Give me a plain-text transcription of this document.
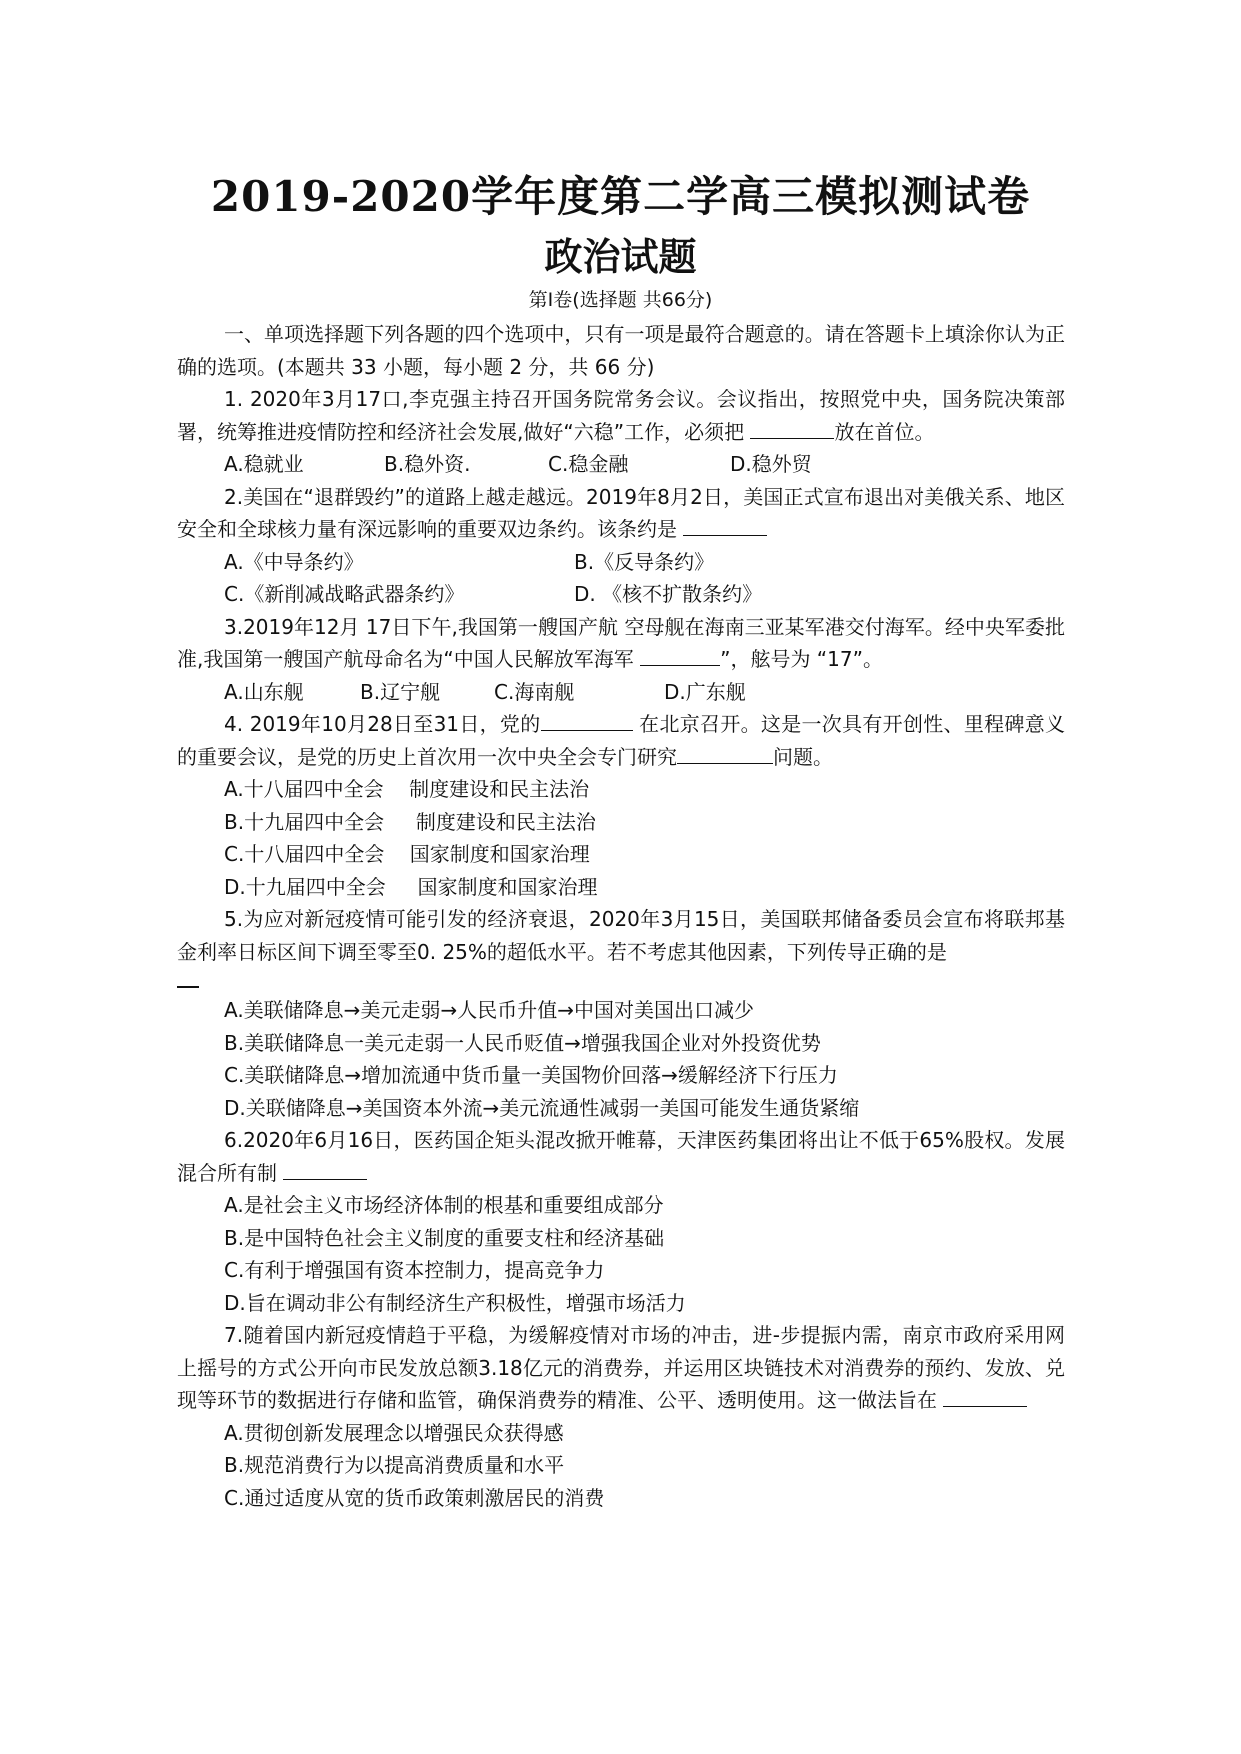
2019-2020学年度第二学高三模拟测试卷
政治试题
第Ⅰ卷(选择题 共66分)

一、单项选择题下列各题的四个选项中，只有一项是最符合题意的。请在答题卡上填涂你认为正确的选项。(本题共 33 小题，每小题 2 分，共 66 分)

1. 2020年3月17口,李克强主持召开国务院常务会议。会议指出，按照党中央，国务院决策部署，统筹推进疫情防控和经济社会发展,做好“六稳”工作，必须把	放在首位。

A.稳就业	B.稳外资.	C.稳金融	D.稳外贸

2.美国在“退群毁约”的道路上越走越远。2019年8月2日，美国正式宣布退出对美俄关系、地区安全和全球核力量有深远影响的重要双边条约。该条约是

A.《中导条约》	B.《反导条约》
C.《新削减战略武器条约》	D. 《核不扩散条约》

3.2019年12月 17日下午,我国第一艘国产航 空母舰在海南三亚某军港交付海军。经中央军委批准,我国第一艘国产航母命名为“中国人民解放军海军	”，舷号为 “17”。

A.山东舰	B.辽宁舰	C.海南舰	D.广东舰

4. 2019年10月28日至31日，党的	在北京召开。这是一次具有开创性、里程碑意义的重要会议，是党的历史上首次用一次中央全会专门研究	问题。

A.十八届四中全会    制度建设和民主法治

B.十九届四中全会     制度建设和民主法治

C.十八届四中全会    国家制度和国家治理

D.十九届四中全会     国家制度和国家治理

5.为应对新冠疫情可能引发的经济衰退，2020年3月15日，美国联邦储备委员会宣布将联邦基金利率日标区间下调至零至0. 25%的超低水平。若不考虑其他因素，下列传导正确的是

A.美联储降息→美元走弱→人民币升值→中国对美国出口减少

B.美联储降息一美元走弱一人民币贬值→增强我国企业对外投资优势

C.美联储降息→增加流通中货币量一美国物价回落→缓解经济下行压力

D.关联储降息→美国资本外流→美元流通性减弱一美国可能发生通货紧缩

6.2020年6月16日，医药国企矩头混改掀开帷幕，天津医药集团将出让不低于65%股权。发展混合所有制

A.是社会主义市场经济体制的根基和重要组成部分

B.是中国特色社会主义制度的重要支柱和经济基础

C.有利于增强国有资本控制力，提高竞争力

D.旨在调动非公有制经济生产积极性，增强市场活力

7.随着国内新冠疫情趋于平稳，为缓解疫情对市场的冲击，进-步提振内需，南京市政府采用网上摇号的方式公开向市民发放总额3.18亿元的消费券，并运用区块链技术对消费券的预约、发放、兑现等环节的数据进行存储和监管，确保消费券的精准、公平、透明使用。这一做法旨在

A.贯彻创新发展理念以增强民众获得感

B.规范消费行为以提高消费质量和水平

C.通过适度从宽的货币政策刺激居民的消费
